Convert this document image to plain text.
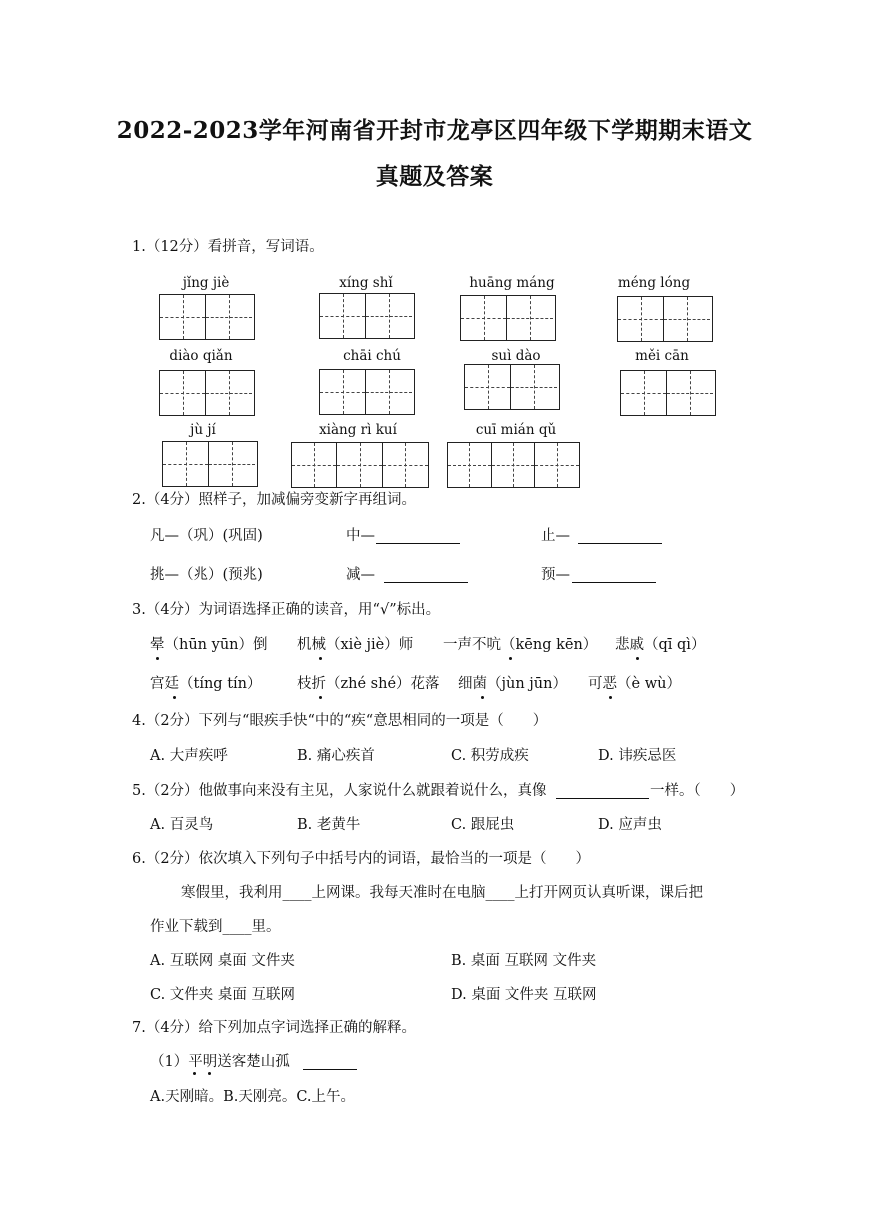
2022-2023学年河南省开封市龙亭区四年级下学期期末语文
真题及答案
1.（12分）看拼音，写词语。
jǐng jiè	xíng shǐ	huāng máng	méng lóng
diào qiǎn	chāi chú	suì dào	měi cān
jù jí	xiàng rì kuí	cuī mián qǔ
2.（4分）照样子，加减偏旁变新字再组词。
凡—（巩）(巩固)	中—	止—
挑—（兆）(预兆)	减—	预—
3.（4分）为词语选择正确的读音，用“√”标出。
晕（hūn yūn）倒 机械（xiè jiè）师 一声不吭（kēng kēn） 悲戚（qī qì）
宫廷（tíng tín） 枝折（zhé shé）花落 细菌（jùn jūn） 可恶（è wù）
4.（2分）下列与“眼疾手快“中的“疾“意思相同的一项是（　　）
A. 大声疾呼	B. 痛心疾首	C. 积劳成疾	D. 讳疾忌医
5.（2分）他做事向来没有主见，人家说什么就跟着说什么，真像	一样。（　　）
A. 百灵鸟	B. 老黄牛	C. 跟屁虫	D. 应声虫
6.（2分）依次填入下列句子中括号内的词语，最恰当的一项是（　　）
寒假里，我利用____上网课。我每天准时在电脑____上打开网页认真听课，课后把
作业下载到____里。
A. 互联网 桌面 文件夹	B. 桌面 互联网 文件夹
C. 文件夹 桌面 互联网	D. 桌面 文件夹 互联网
7.（4分）给下列加点字词选择正确的解释。
（1）平明送客楚山孤
A.天刚暗。B.天刚亮。C.上午。
